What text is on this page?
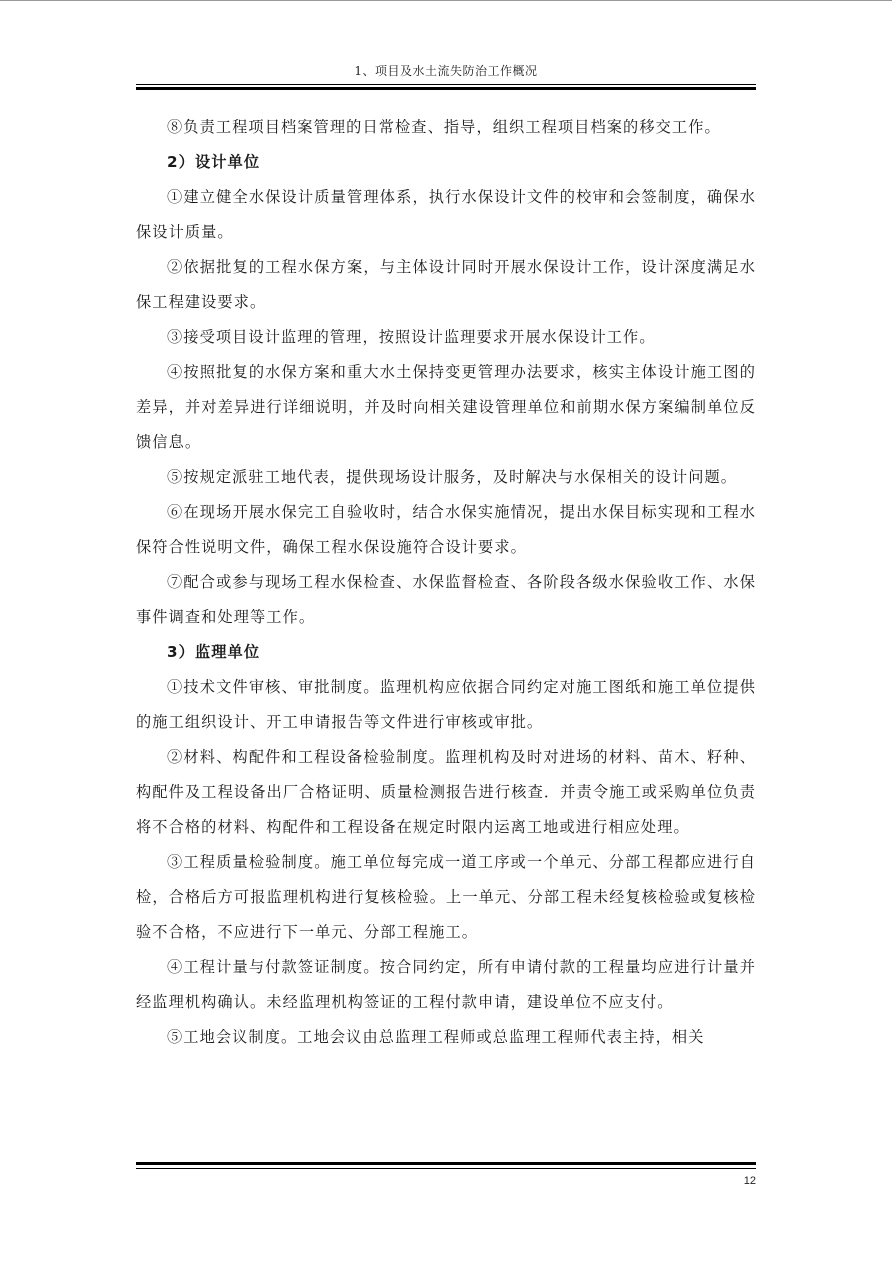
1、项目及水土流失防治工作概况

⑧负责工程项目档案管理的日常检查、指导，组织工程项目档案的移交工作。

2）设计单位

①建立健全水保设计质量管理体系，执行水保设计文件的校审和会签制度，确保水保设计质量。

②依据批复的工程水保方案，与主体设计同时开展水保设计工作，设计深度满足水保工程建设要求。

③接受项目设计监理的管理，按照设计监理要求开展水保设计工作。

④按照批复的水保方案和重大水土保持变更管理办法要求，核实主体设计施工图的差异，并对差异进行详细说明，并及时向相关建设管理单位和前期水保方案编制单位反馈信息。

⑤按规定派驻工地代表，提供现场设计服务，及时解决与水保相关的设计问题。

⑥在现场开展水保完工自验收时，结合水保实施情况，提出水保目标实现和工程水保符合性说明文件，确保工程水保设施符合设计要求。

⑦配合或参与现场工程水保检查、水保监督检查、各阶段各级水保验收工作、水保事件调查和处理等工作。

3）监理单位

①技术文件审核、审批制度。监理机构应依据合同约定对施工图纸和施工单位提供的施工组织设计、开工申请报告等文件进行审核或审批。

②材料、构配件和工程设备检验制度。监理机构及时对进场的材料、苗木、籽种、构配件及工程设备出厂合格证明、质量检测报告进行核查．并责令施工或采购单位负责将不合格的材料、构配件和工程设备在规定时限内运离工地或进行相应处理。

③工程质量检验制度。施工单位每完成一道工序或一个单元、分部工程都应进行自检，合格后方可报监理机构进行复核检验。上一单元、分部工程未经复核检验或复核检验不合格，不应进行下一单元、分部工程施工。

④工程计量与付款签证制度。按合同约定，所有申请付款的工程量均应进行计量并经监理机构确认。未经监理机构签证的工程付款申请，建设单位不应支付。

⑤工地会议制度。工地会议由总监理工程师或总监理工程师代表主持，相关

12
